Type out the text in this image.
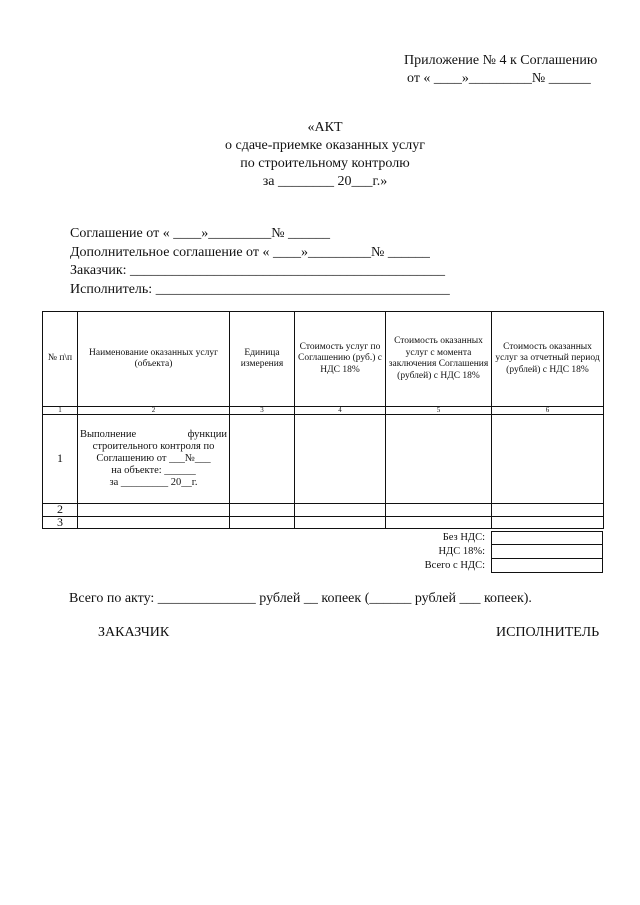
Приложение № 4 к Соглашению
от « ____»_________№ ______
«АКТ
о сдаче-приемке оказанных услуг
по строительному контролю
за ________ 20___г.»
Соглашение от « ____»_________№ ______
Дополнительное соглашение от « ____»_________№ ______
Заказчик: _____________________________________________
Исполнитель: __________________________________________
№ п\п	Наименование оказанных услуг (объекта)	Единица измерения	Стоимость услуг по Соглашению (руб.) с НДС 18%	Стоимость оказанных услуг с момента заключения Соглашения (рублей) с НДС 18%	Стоимость оказанных услуг за отчетный период (рублей) с НДС 18%
1	2	3	4	5	6
1	Выполнение функции
строительного контроля по
Соглашению от ___№___
на объекте: ______
за _________ 20__г.				

2					
3					
Без НДС:
НДС 18%:
Всего с НДС:
Всего по акту: ______________ рублей __ копеек (______ рублей ___ копеек).
ЗАКАЗЧИК	ИСПОЛНИТЕЛЬ
